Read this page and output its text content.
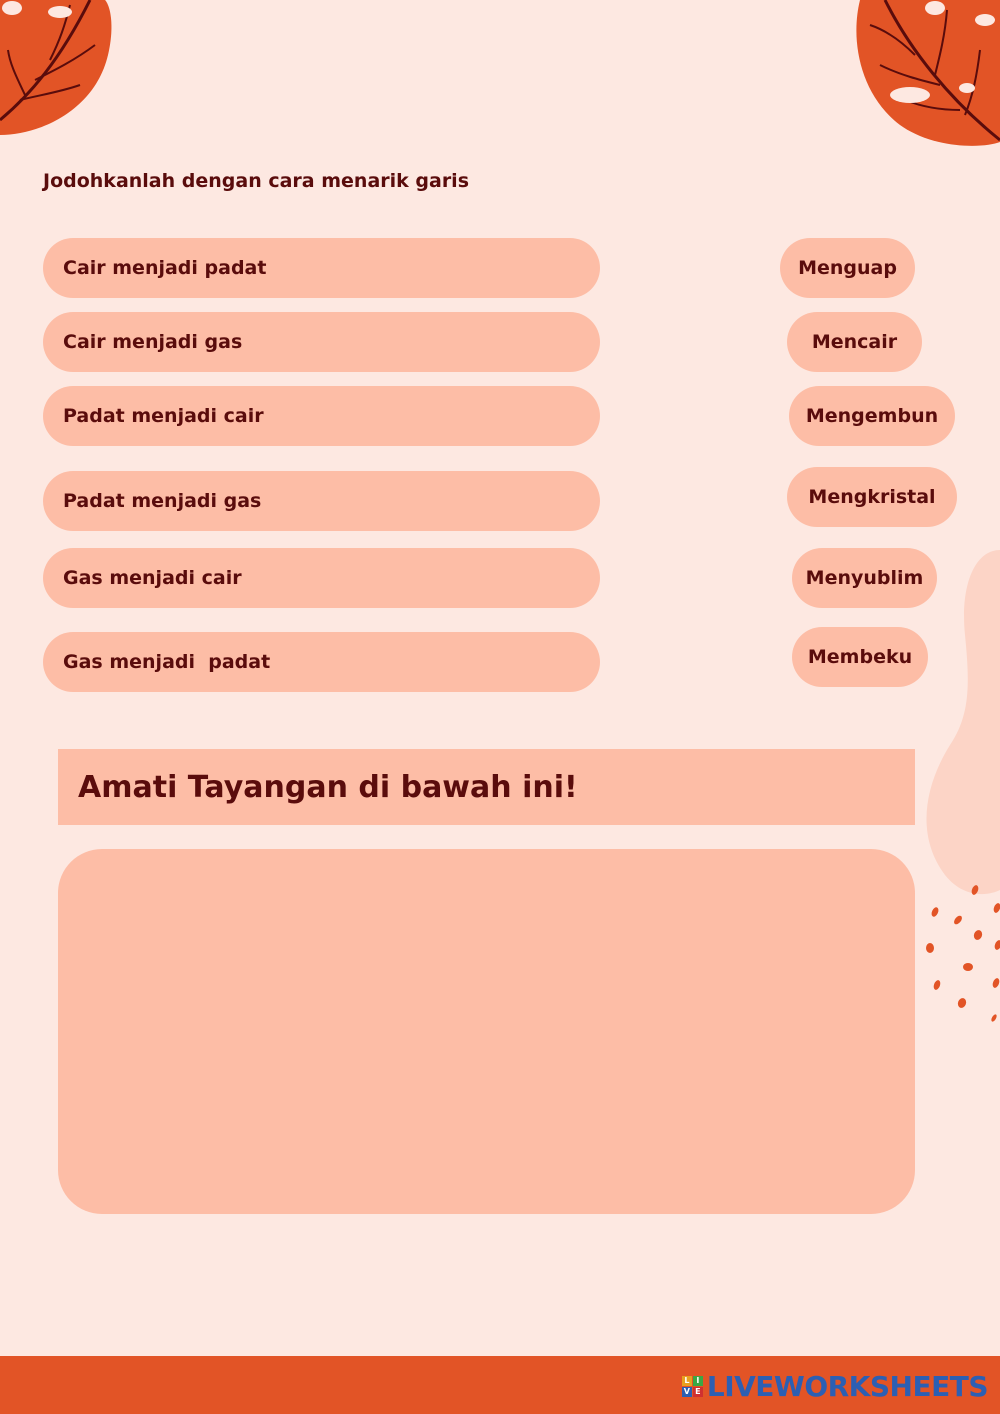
Jodohkanlah dengan cara menarik garis
Cair menjadi padat
Cair menjadi gas
Padat menjadi cair
Padat menjadi gas
Gas menjadi cair
Gas menjadi  padat
Menguap
Mencair
Mengembun
Mengkristal
Menyublim
Membeku
Amati Tayangan di bawah ini!
L I
V E LIVEWORKSHEETS
